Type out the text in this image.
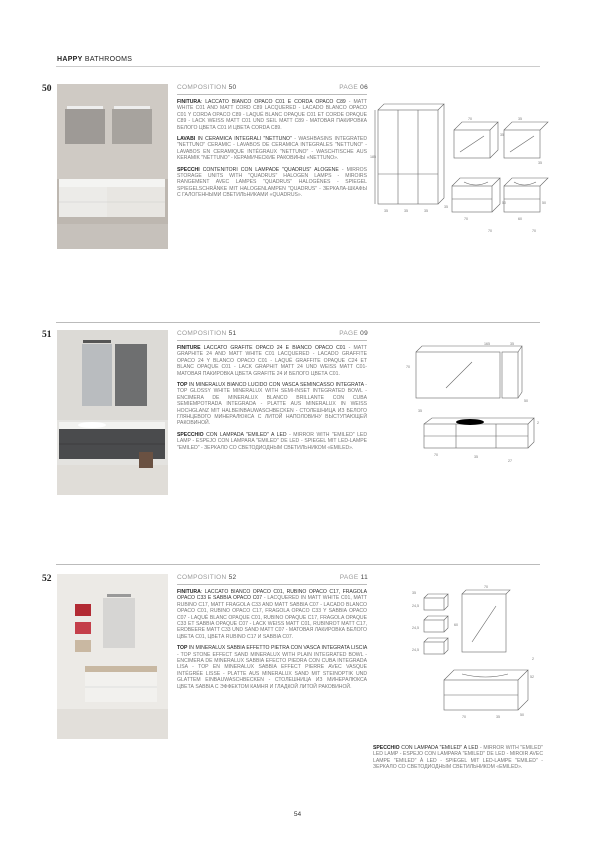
HAPPY BATHROOMS
50	COMPOSITION 50	PAGE 06

FINITURA: LACCATO BIANCO OPACO C01 E CORDA OPACO C89 - MATT WHITE C01 AND MATT CORD C89 LACQUERED - LACADO BLANCO OPACO C01 Y CORDA OPACO C89 - LAQUÉ BLANC OPAQUE C01 ET CORDE OPAQUE C89 - LACK WEISS MATT C01 UND SEIL MATT C89 - МАТОВАЯ ПАКИРОВКА БЕЛОГО ЦВЕТА C01 И ЦВЕТА CORDA C89.

LAVABI IN CERAMICA INTEGRALI "NETTUNO" - WASHBASINS INTEGRATED "NETTUNO" CERAMIC - LAVABOS DE CERAMICA INTEGRALES "NETTUNO" - LAVABOS EN CERAMIQUE INTÉGRAUX "NETTUNO" - WASCHTISCHE AUS KERAMIK "NETTUNO" - КЕРАМИЧЕСКИЕ РАКОВИНЫ «NETTUNO».

SPECCHI CONTENITORI CON LAMPADE "QUADRUS" ALOGENE - MIRROS STORAGE UNITS WITH "QUADRUS" HALOGEN LAMPS - MIROIRS RANGEMENT AVEC LAMPES "QUADRUS" HALOGÈNES - SPIEGEL SPIEGELSCHRÄNKE MIT HALOGENLAMPEN "QUADRUS" - ЗЕРКАЛА-ШКАФЫ С ГАЛОГЕННЫМИ СВЕТИЛЬНИКАМИ «QUADRUS».

185
35	35	35
35
70
35
35
35
70
50
60
70
70
50
51	COMPOSITION 51	PAGE 09

FINITURE LACCATO GRAFITE OPACO 24 E BIANCO OPACO C01 - MATT GRAPHITE 24 AND MATT WHITE C01 LACQUERED - LACADO GRAFFITE OPACO 24 Y BLANCO OPACO C01 - LAQUÉ GRAFFITE OPAQUE C24 ET BLANC OPAQUE C01 - LACK GRAPHIT MATT 24 UND WEISS MATT C01- МАТОВАЯ ПАКИРОВКА ЦВЕТА GRAFITE 24 И БЕЛОГО ЦВЕТА C01.

TOP IN MINERALUX BIANCO LUCIDO CON VASCA SEMINCASSO INTEGRATA - TOP GLOSSY WHITE MINERALUX WITH SEMI-INSET INTEGRATED BOWL - ENCIMERA DE MINERALUX BLANCO BRILLANTE CON CUBA SEMIEMPOTRADA INTEGRADA - PLATTE AUS MINERALUX IN WEISS HOCHGLANZ MIT HALBEINBAUWASCHBECKEN - СТОЛЕШНИЦА ИЗ БЕЛОГО ГЛЯНЦЕВОГО MИНЕРАЛЮКСА С ЛИТОЙ НАПОЛОВИНУ ВЫСТУПАЮЩЕЙ РАКОВИНОЙ.

SPECCHIO CON LAMPADA "EMILED" A LED - MIRROR WITH "EMILED" LED LAMP - ESPEJO CON LAMPARA "EMILED" DE LED - SPIEGEL MIT LED-LAMPE "EMILED" - ЗЕРКАЛО СО СВЕТОДИОДНЫМ СВЕТИЛЬНИКОМ «EMILED».

165	35
70
50
35
70	35
27
2
52	COMPOSITION 52	PAGE 11

FINITURA: LACCATO BIANCO OPACO C01, RUBINO OPACO C17, FRAGOLA OPACO C33 E SABBIA OPACO C07 - LACQUERED IN MATT WHITE C01, MATT RUBINO C17, MATT FRAGOLA C33 AND MATT SABBIA C07 - LACADO BLANCO OPACO C01, RUBINO OPACO C17, FRAGOLA OPACO C33 Y SABBIA OPACO C07 - LAQUÉ BLANC OPAQUE C01, RUBINO OPAQUE C17, FRAGOLA OPAQUE C33 ET SABBIA OPAQUE C07 - LACK WEISS MATT C01, RUBINROT MATT C17, ERDBEERE MATT C33 UND SAND MATT C07 - МАТОВАЯ ЛАКИРОВКА БЕЛОГО ЦВЕТА C01, ЦВЕТА RUBINO C17 И SABBIA C07.

TOP IN MINERALUX SABBIA EFFETTO PIETRA CON VASCA INTEGRATA LISCIA - TOP STONE EFFECT SAND MINERALUX WITH PLAIN INTEGRATED BOWL - ENCIMERA DE MINERALUX SABBIA EFECTO PIEDRA CON CUBA INTEGRADA LISA - TOP EN MINERALUX SABBIA EFFECT PIERRE AVEC VASQUE INTÉGRÉE LISSE - PLATTE AUS MINERALUX SAND MIT STEINOPTIK UND GLATTEM EINBAUWASCHBECKEN - СТОЛЕШНИЦА ИЗ МИНЕРАЛЮКСА ЦВЕТА SABBIA С ЭФФЕКТОМ КАМНЯ И ГЛАДКОЙ ЛИТОЙ РАКОВИНОЙ.

SPECCHIO CON LAMPADA "EMILED" A LED - MIRROR WITH "EMILED" LED LAMP - ESPEJO CON LAMPARA "EMILED" DE LED - MIROIR AVEC LAMPE "EMILED" À LED - SPIEGEL MIT LED-LAMPE "EMILED" - ЗЕРКАЛО СО СВЕТОДИОДНЫМ СВЕТИЛЬНИКОМ «EMILED».

35
24,5
24,5
24,5
70
60
2
52
70	35	50
54
